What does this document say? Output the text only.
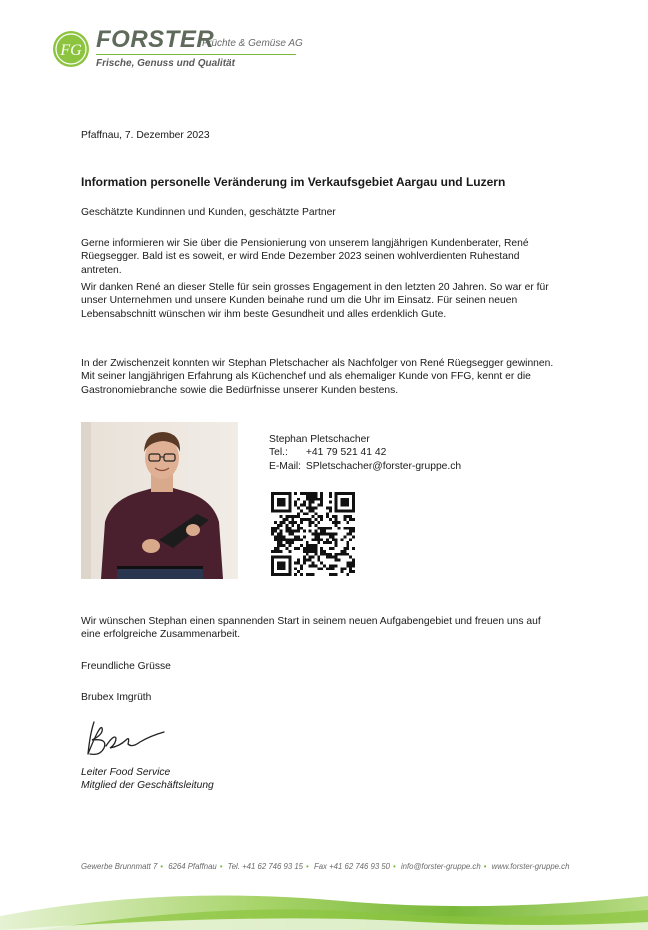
FG FORSTER
Früchte & Gemüse AG
Frische, Genuss und Qualität
Pfaffnau, 7. Dezember 2023
Information personelle Veränderung im Verkaufsgebiet Aargau und Luzern
Geschätzte Kundinnen und Kunden, geschätzte Partner
Gerne informieren wir Sie über die Pensionierung von unserem langjährigen Kundenberater, René Rüegsegger. Bald ist es soweit, er wird Ende Dezember 2023 seinen wohlverdienten Ruhestand antreten.
Wir danken René an dieser Stelle für sein grosses Engagement in den letzten 20 Jahren. So war er für unser Unternehmen und unsere Kunden beinahe rund um die Uhr im Einsatz. Für seinen neuen Lebensabschnitt wünschen wir ihm beste Gesundheit und alles erdenklich Gute.
In der Zwischenzeit konnten wir Stephan Pletschacher als Nachfolger von René Rüegsegger gewinnen. Mit seiner langjährigen Erfahrung als Küchenchef und als ehemaliger Kunde von FFG, kennt er die Gastronomiebranche sowie die Bedürfnisse unserer Kunden bestens.
Stephan Pletschacher
Tel.: +41 79 521 41 42
E-Mail: SPletschacher@forster-gruppe.ch
Wir wünschen Stephan einen spannenden Start in seinem neuen Aufgabengebiet und freuen uns auf eine erfolgreiche Zusammenarbeit.
Freundliche Grüsse
Brubex Imgrüth
Leiter Food Service
Mitglied der Geschäftsleitung
Gewerbe Brunnmatt 7 • 6264 Pfaffnau • Tel. +41 62 746 93 15 • Fax +41 62 746 93 50 • info@forster-gruppe.ch • www.forster-gruppe.ch
